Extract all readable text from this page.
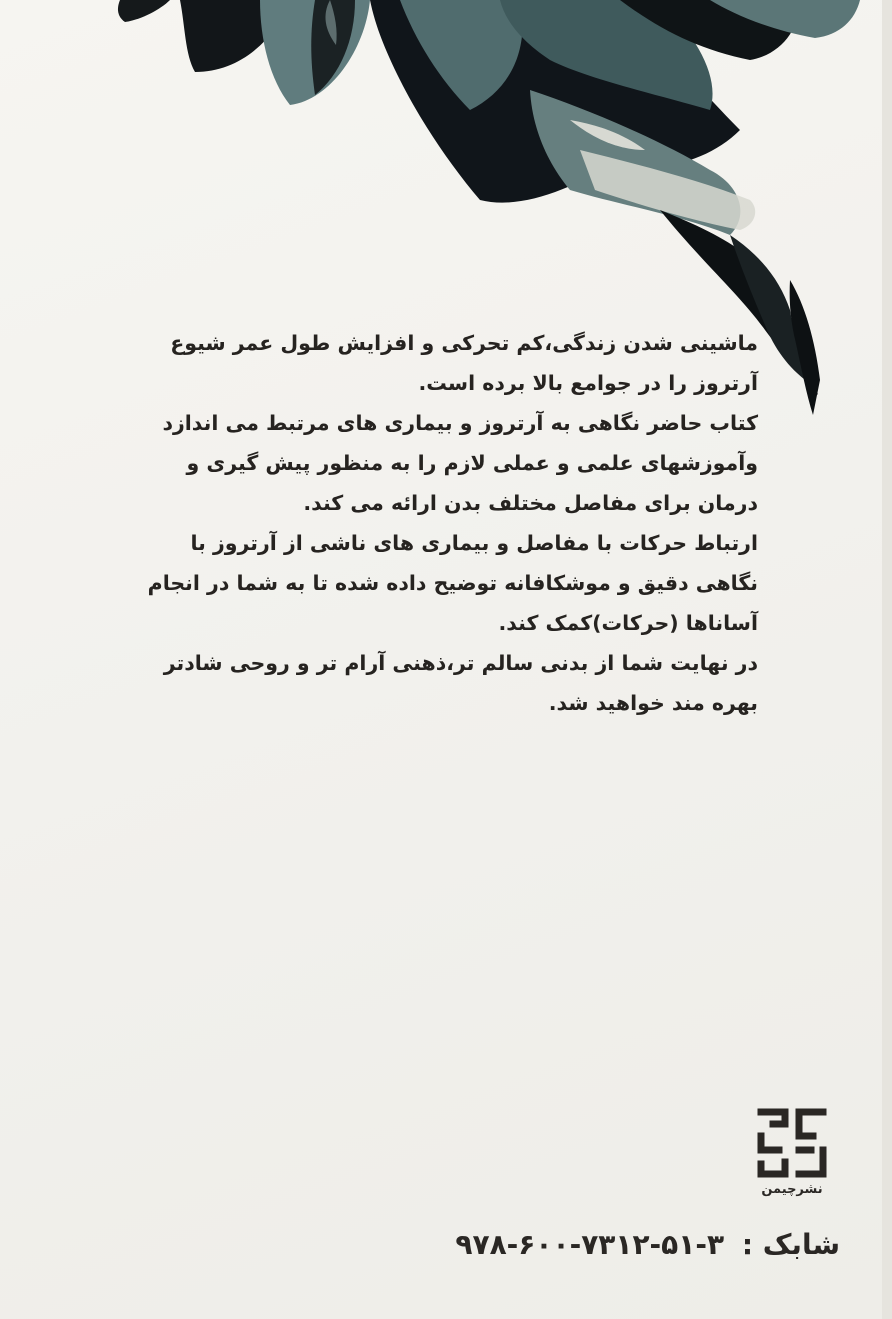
ماشینی شدن زندگی،کم تحرکی و افزایش طول عمر شیوع

آرتروز را در جوامع بالا برده است.

کتاب حاضر نگاهی به آرتروز و بیماری های مرتبط می اندازد

وآموزشهای علمی و عملی لازم را به منظور پیش گیری و

درمان برای مفاصل مختلف بدن ارائه می کند.

ارتباط حرکات با مفاصل و بیماری های ناشی از آرتروز با

نگاهی دقیق و موشکافانه توضیح داده شده تا به شما در انجام

آسانا‌ها (حرکات)کمک کند.

در نهایت شما از بدنی سالم تر،ذهنی آرام تر و روحی شادتر

بهره مند خواهید شد.

نشرچیمن
شابک : ۹۷۸-۶۰۰-۷۳۱۲-۵۱-۳
